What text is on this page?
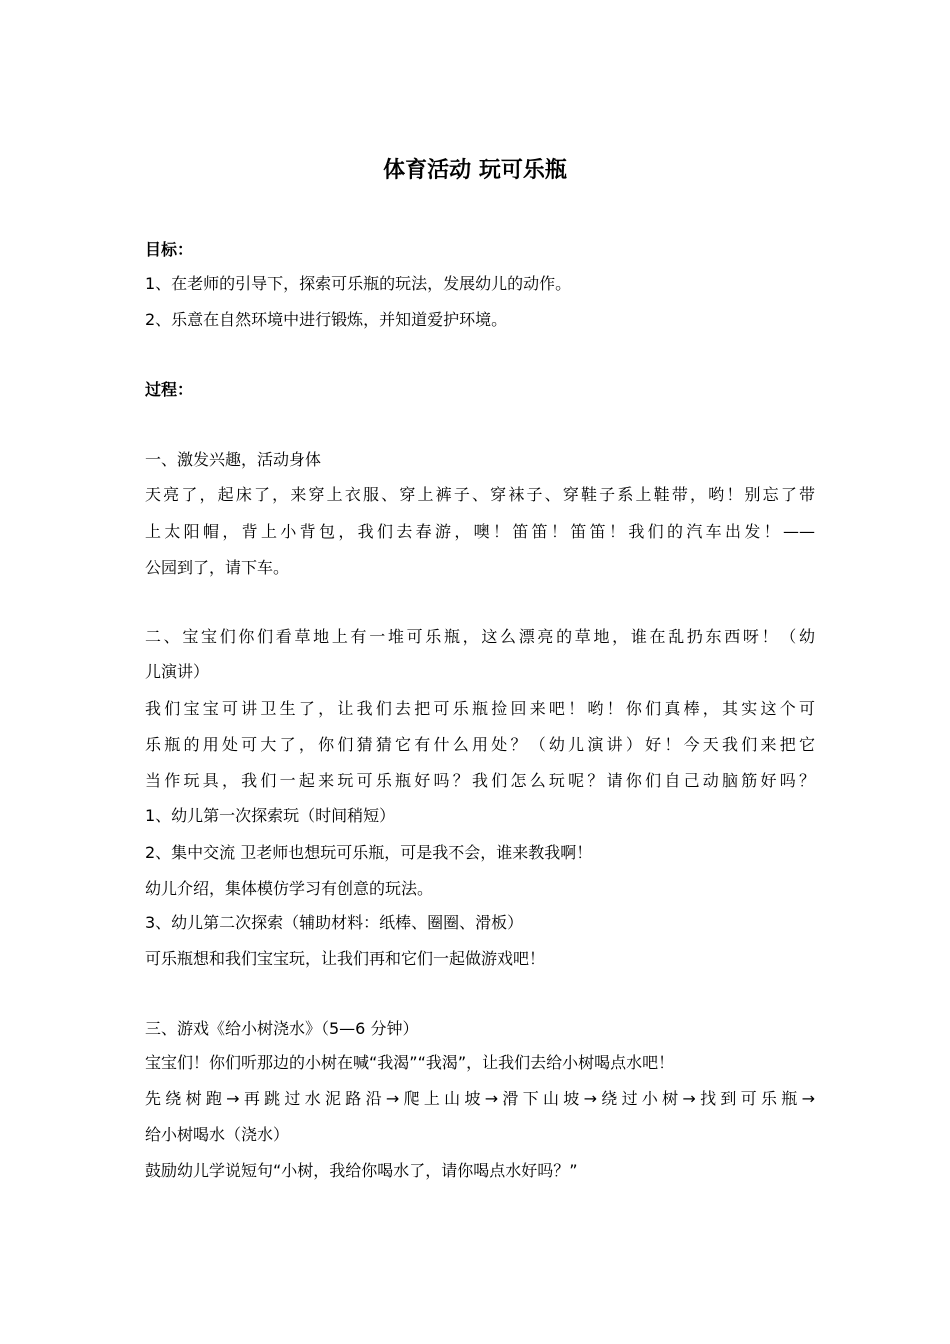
体育活动 玩可乐瓶
目标：
1、在老师的引导下，探索可乐瓶的玩法，发展幼儿的动作。
2、乐意在自然环境中进行锻炼，并知道爱护环境。
过程：
一、激发兴趣，活动身体
天亮了，起床了，来穿上衣服、穿上裤子、穿袜子、穿鞋子系上鞋带，哟！别忘了带
上太阳帽，背上小背包，我们去春游，噢！笛笛！笛笛！我们的汽车出发！——
公园到了，请下车。
二、宝宝们你们看草地上有一堆可乐瓶，这么漂亮的草地，谁在乱扔东西呀！（幼
儿演讲）
我们宝宝可讲卫生了，让我们去把可乐瓶捡回来吧！哟！你们真棒，其实这个可
乐瓶的用处可大了，你们猜猜它有什么用处？（幼儿演讲）好！今天我们来把它
当作玩具，我们一起来玩可乐瓶好吗？我们怎么玩呢？请你们自己动脑筋好吗？
1、幼儿第一次探索玩（时间稍短）
2、集中交流 卫老师也想玩可乐瓶，可是我不会，谁来教我啊！
幼儿介绍，集体模仿学习有创意的玩法。
3、幼儿第二次探索（辅助材料：纸棒、圈圈、滑板）
可乐瓶想和我们宝宝玩，让我们再和它们一起做游戏吧！
三、游戏《给小树浇水》（5—6 分钟）
宝宝们！你们听那边的小树在喊“我渴”“我渴”，让我们去给小树喝点水吧！
先绕树跑→再跳过水泥路沿→爬上山坡→滑下山坡→绕过小树→找到可乐瓶→
给小树喝水（浇水）
鼓励幼儿学说短句“小树，我给你喝水了，请你喝点水好吗？”
